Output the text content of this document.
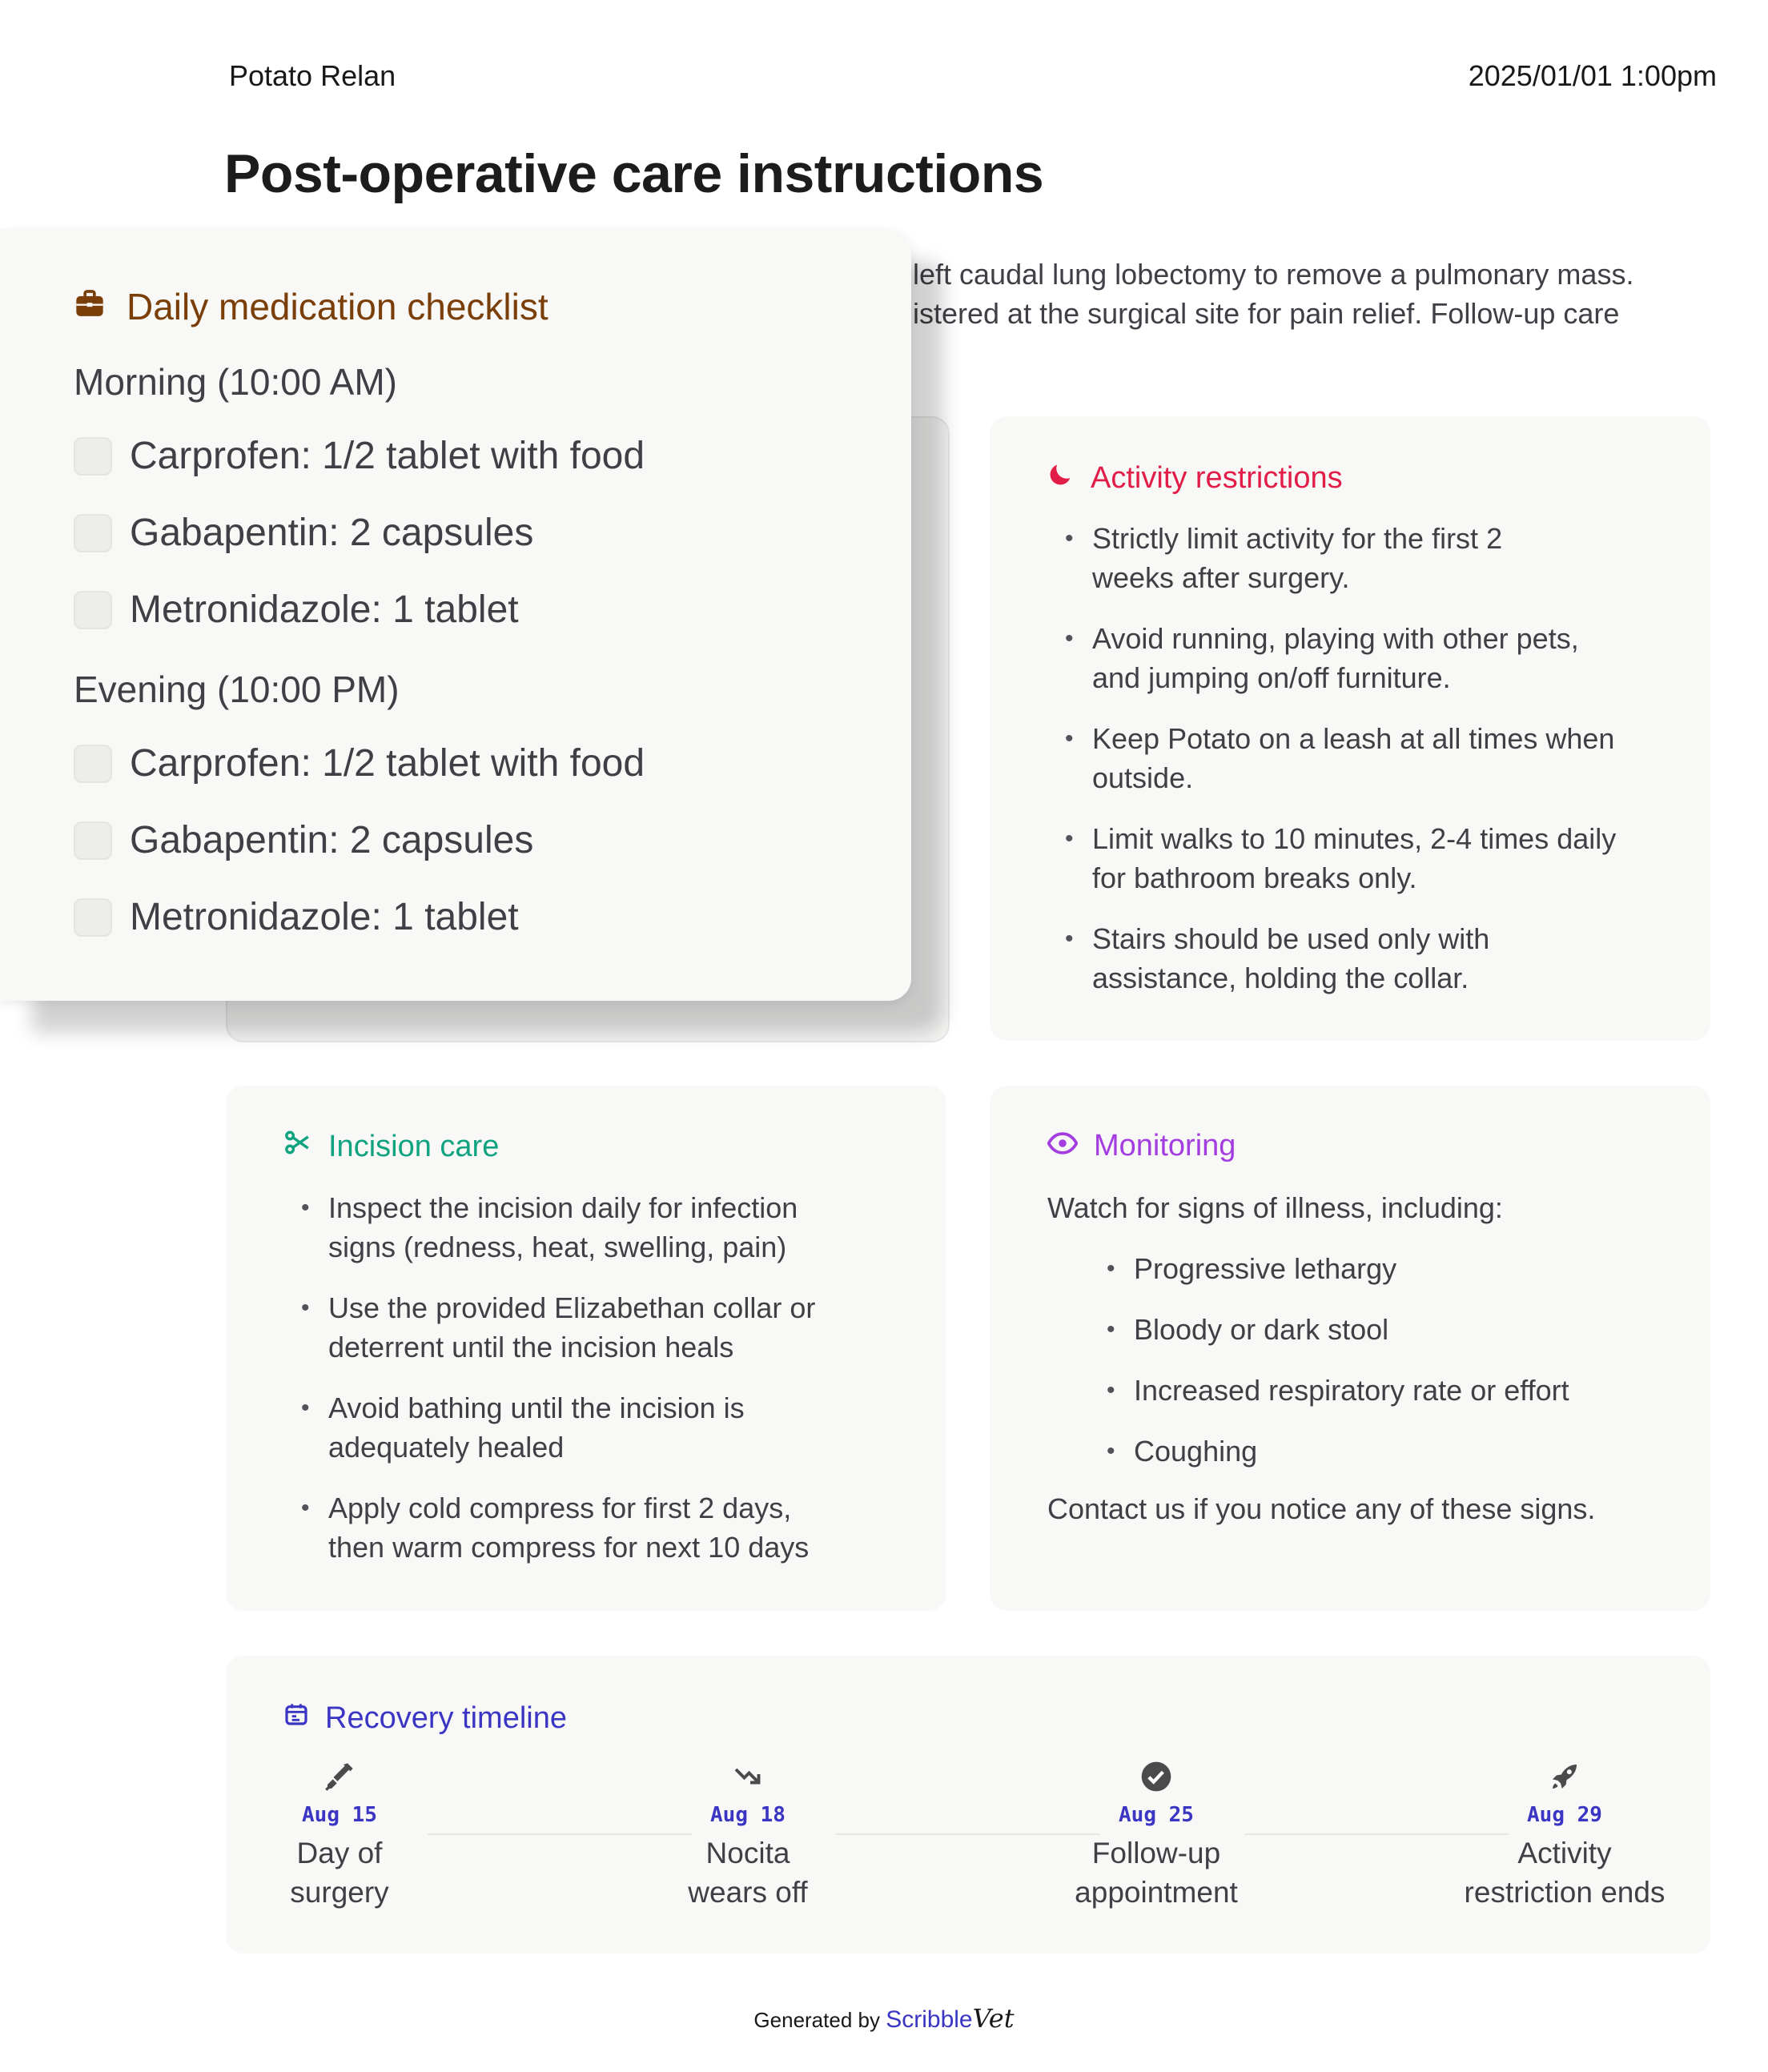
Potato Relan	2025/01/01 1:00pm
Post-operative care instructions
left caudal lung lobectomy to remove a pulmonary mass.
istered at the surgical site for pain relief. Follow-up care
Activity restrictions
• Strictly limit activity for the first 2
weeks after surgery.
• Avoid running, playing with other pets,
and jumping on/off furniture.
• Keep Potato on a leash at all times when
outside.
• Limit walks to 10 minutes, 2-4 times daily
for bathroom breaks only.
• Stairs should be used only with
assistance, holding the collar.
Incision care
• Inspect the incision daily for infection
signs (redness, heat, swelling, pain)
• Use the provided Elizabethan collar or
deterrent until the incision heals
• Avoid bathing until the incision is
adequately healed
• Apply cold compress for first 2 days,
then warm compress for next 10 days
Monitoring

Watch for signs of illness, including:

• Progressive lethargy
• Bloody or dark stool
• Increased respiratory rate or effort
• Coughing

Contact us if you notice any of these signs.

Recovery timeline
Aug 15
Day of
surgery
Aug 18
Nocita
wears off
Aug 25
Follow-up
appointment
Aug 29
Activity
restriction ends
Daily medication checklist
Morning (10:00 AM)
Carprofen: 1/2 tablet with food
Gabapentin: 2 capsules
Metronidazole: 1 tablet
Evening (10:00 PM)
Carprofen: 1/2 tablet with food
Gabapentin: 2 capsules
Metronidazole: 1 tablet
Generated by ScribbleVet
